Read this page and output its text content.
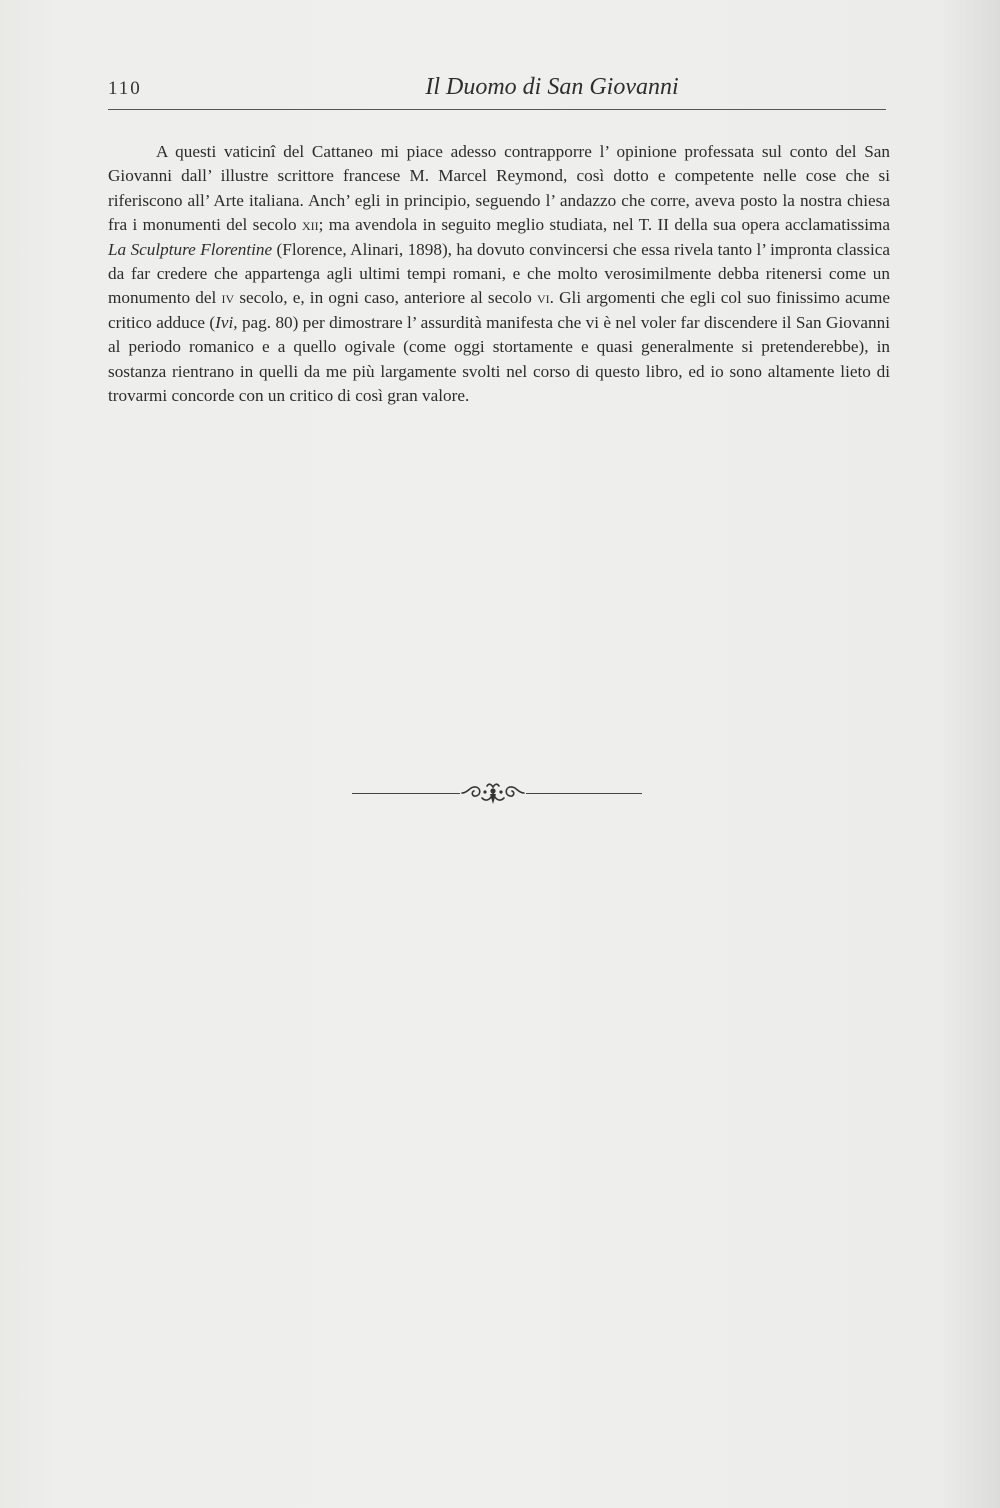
110	Il Duomo di San Giovanni

A questi vaticinî del Cattaneo mi piace adesso contrapporre l’ opinione professata sul conto del San Giovanni dall’ illustre scrittore francese M. Marcel Reymond, così dotto e competente nelle cose che si riferiscono all’ Arte italiana. Anch’ egli in principio, seguendo l’ andazzo che corre, aveva posto la nostra chiesa fra i monumenti del secolo xii; ma avendola in seguito meglio studiata, nel T. II della sua opera acclamatissima La Sculpture Florentine (Florence, Alinari, 1898), ha dovuto convincersi che essa rivela tanto l’ impronta classica da far credere che appartenga agli ultimi tempi romani, e che molto verosimilmente debba ritenersi come un monumento del iv secolo, e, in ogni caso, anteriore al secolo vi. Gli argomenti che egli col suo finissimo acume critico adduce (Ivi, pag. 80) per dimostrare l’ assurdità manifesta che vi è nel voler far discendere il San Giovanni al periodo romanico e a quello ogivale (come oggi stortamente e quasi generalmente si pretenderebbe), in sostanza rientrano in quelli da me più largamente svolti nel corso di questo libro, ed io sono altamente lieto di trovarmi concorde con un critico di così gran valore.
